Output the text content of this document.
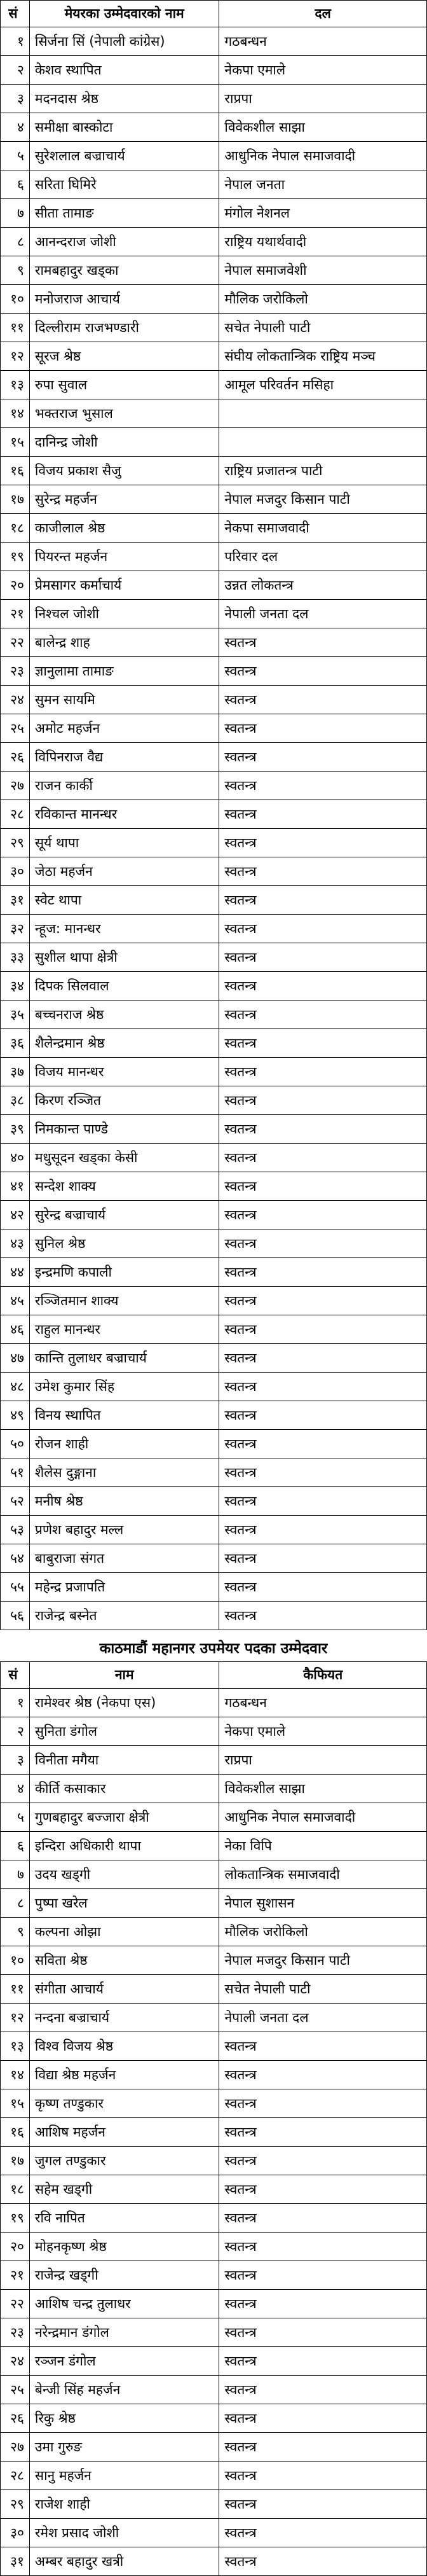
सं	मेयरका उम्मेदवारको नाम	दल
१	सिर्जना सिं (नेपाली कांग्रेस)	गठबन्धन
२	केशव स्थापित	नेकपा एमाले
३	मदनदास श्रेष्ठ	राप्रपा
४	समीक्षा बास्कोटा	विवेकशील साझा
५	सुरेशलाल बज्राचार्य	आधुनिक नेपाल समाजवादी
६	सरिता घिमिरे	नेपाल जनता
७	सीता तामाङ	मंगोल नेशनल
८	आनन्दराज जोशी	राष्ट्रिय यथार्थवादी
९	रामबहादुर खड्का	नेपाल समाजवेशी
१०	मनोजराज आचार्य	मौलिक जरोकिलो
११	दिल्लीराम राजभण्डारी	सचेत नेपाली पाटी
१२	सूरज श्रेष्ठ	संघीय लोकतान्त्रिक राष्ट्रिय मञ्च
१३	रुपा सुवाल	आमूल परिवर्तन मसिहा
१४	भक्तराज भुसाल	
१५	दानिन्द्र जोशी	
१६	विजय प्रकाश सैजु	राष्ट्रिय प्रजातन्त्र पाटी
१७	सुरेन्द्र महर्जन	नेपाल मजदुर किसान पाटी
१८	काजीलाल श्रेष्ठ	नेकपा समाजवादी
१९	पियरन्त महर्जन	परिवार दल
२०	प्रेमसागर कर्माचार्य	उन्नत लोकतन्त्र
२१	निश्चल जोशी	नेपाली जनता दल
२२	बालेन्द्र शाह	स्वतन्त्र
२३	ज्ञानुलामा तामाङ	स्वतन्त्र
२४	सुमन सायमि	स्वतन्त्र
२५	अमोट महर्जन	स्वतन्त्र
२६	विपिनराज वैद्य	स्वतन्त्र
२७	राजन कार्की	स्वतन्त्र
२८	रविकान्त मानन्धर	स्वतन्त्र
२९	सूर्य थापा	स्वतन्त्र
३०	जेठा महर्जन	स्वतन्त्र
३१	स्वेट थापा	स्वतन्त्र
३२	न्हूज: मानन्धर	स्वतन्त्र
३३	सुशील थापा क्षेत्री	स्वतन्त्र
३४	दिपक सिलवाल	स्वतन्त्र
३५	बच्चनराज श्रेष्ठ	स्वतन्त्र
३६	शैलेन्द्रमान श्रेष्ठ	स्वतन्त्र
३७	विजय मानन्धर	स्वतन्त्र
३८	किरण रञ्जित	स्वतन्त्र
३९	निमकान्त पाण्डे	स्वतन्त्र
४०	मधुसूदन खड्का केसी	स्वतन्त्र
४१	सन्देश शाक्य	स्वतन्त्र
४२	सुरेन्द्र बज्राचार्य	स्वतन्त्र
४३	सुनिल श्रेष्ठ	स्वतन्त्र
४४	इन्द्रमणि कपाली	स्वतन्त्र
४५	रञ्जितमान शाक्य	स्वतन्त्र
४६	राहुल मानन्धर	स्वतन्त्र
४७	कान्ति तुलाधर बज्राचार्य	स्वतन्त्र
४८	उमेश कुमार सिंह	स्वतन्त्र
४९	विनय स्थापित	स्वतन्त्र
५०	रोजन शाही	स्वतन्त्र
५१	शैलेस दुङ्गाना	स्वतन्त्र
५२	मनीष श्रेष्ठ	स्वतन्त्र
५३	प्रणेश बहादुर मल्ल	स्वतन्त्र
५४	बाबुराजा संगत	स्वतन्त्र
५५	महेन्द्र प्रजापति	स्वतन्त्र
५६	राजेन्द्र बस्नेत	स्वतन्त्र
काठमाडौं महानगर उपमेयर पदका उम्मेदवार
सं	नाम	कैफियत
१	रामेश्वर श्रेष्ठ (नेकपा एस)	गठबन्धन
२	सुनिता डंगोल	नेकपा एमाले
३	विनीता मगैया	राप्रपा
४	कीर्ति कसाकार	विवेकशील साझा
५	गुणबहादुर बज्जारा क्षेत्री	आधुनिक नेपाल समाजवादी
६	इन्दिरा अधिकारी थापा	नेका विपि
७	उदय खड्गी	लोकतान्त्रिक समाजवादी
८	पुष्पा खरेल	नेपाल सुशासन
९	कल्पना ओझा	मौलिक जरोकिलो
१०	सविता श्रेष्ठ	नेपाल मजदुर किसान पाटी
११	संगीता आचार्य	सचेत नेपाली पाटी
१२	नन्दना बज्राचार्य	नेपाली जनता दल
१३	विश्व विजय श्रेष्ठ	स्वतन्त्र
१४	विद्या श्रेष्ठ महर्जन	स्वतन्त्र
१५	कृष्ण तण्डुकार	स्वतन्त्र
१६	आशिष महर्जन	स्वतन्त्र
१७	जुगल तण्डुकार	स्वतन्त्र
१८	सहेम खड्गी	स्वतन्त्र
१९	रवि नापित	स्वतन्त्र
२०	मोहनकृष्ण श्रेष्ठ	स्वतन्त्र
२१	राजेन्द्र खड्गी	स्वतन्त्र
२२	आशिष चन्द्र तुलाधर	स्वतन्त्र
२३	नरेन्द्रमान डंगोल	स्वतन्त्र
२४	रञ्जन डंगोल	स्वतन्त्र
२५	बेन्जी सिंह महर्जन	स्वतन्त्र
२६	रिकु श्रेष्ठ	स्वतन्त्र
२७	उमा गुरुङ	स्वतन्त्र
२८	सानु महर्जन	स्वतन्त्र
२९	राजेश शाही	स्वतन्त्र
३०	रमेश प्रसाद जोशी	स्वतन्त्र
३१	अम्बर बहादुर खत्री	स्वतन्त्र
